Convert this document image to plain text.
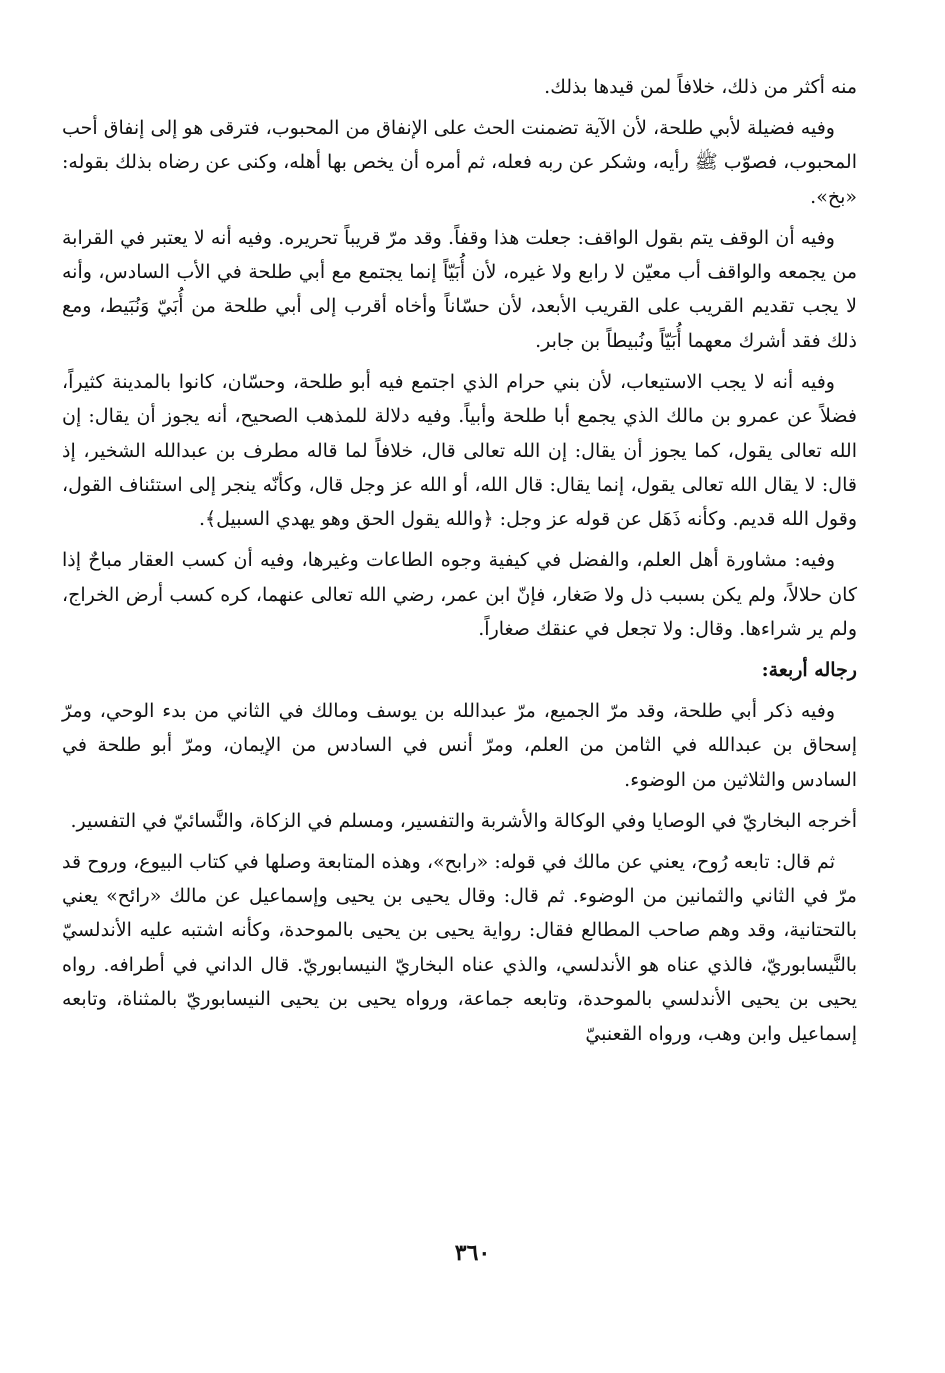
منه أكثر من ذلك، خلافاً لمن قيدها بذلك.

وفيه فضيلة لأبي طلحة، لأن الآية تضمنت الحث على الإنفاق من المحبوب، فترقى هو إلى إنفاق أحب المحبوب، فصوّب ﷺ رأيه، وشكر عن ربه فعله، ثم أمره أن يخص بها أهله، وكنى عن رضاه بذلك بقوله: «بخ».

وفيه أن الوقف يتم بقول الواقف: جعلت هذا وقفاً. وقد مرّ قريباً تحريره. وفيه أنه لا يعتبر في القرابة من يجمعه والواقف أب معيّن لا رابع ولا غيره، لأن أُبَيّاً إنما يجتمع مع أبي طلحة في الأب السادس، وأنه لا يجب تقديم القريب على القريب الأبعد، لأن حسّاناً وأخاه أقرب إلى أبي طلحة من أُبَيّ وَنُبَيط، ومع ذلك فقد أشرك معهما أُبَيّاً ونُبيطاً بن جابر.

وفيه أنه لا يجب الاستيعاب، لأن بني حرام الذي اجتمع فيه أبو طلحة، وحسّان، كانوا بالمدينة كثيراً، فضلاً عن عمرو بن مالك الذي يجمع أبا طلحة وأبياً. وفيه دلالة للمذهب الصحيح، أنه يجوز أن يقال: إن الله تعالى يقول، كما يجوز أن يقال: إن الله تعالى قال، خلافاً لما قاله مطرف بن عبدالله الشخير، إذ قال: لا يقال الله تعالى يقول، إنما يقال: قال الله، أو الله عز وجل قال، وكأنّه ينجر إلى استئناف القول، وقول الله قديم. وكأنه ذَهَل عن قوله عز وجل: ﴿والله يقول الحق وهو يهدي السبيل﴾.

وفيه: مشاورة أهل العلم، والفضل في كيفية وجوه الطاعات وغيرها، وفيه أن كسب العقار مباحٌ إذا كان حلالاً، ولم يكن بسبب ذل ولا صَغار، فإنّ ابن عمر، رضي الله تعالى عنهما، كره كسب أرض الخراج، ولم ير شراءها. وقال: ولا تجعل في عنقك صغاراً.

رجاله أربعة:

وفيه ذكر أبي طلحة، وقد مرّ الجميع، مرّ عبدالله بن يوسف ومالك في الثاني من بدء الوحي، ومرّ إسحاق بن عبدالله في الثامن من العلم، ومرّ أنس في السادس من الإيمان، ومرّ أبو طلحة في السادس والثلاثين من الوضوء.

أخرجه البخاريّ في الوصايا وفي الوكالة والأشربة والتفسير، ومسلم في الزكاة، والنَّسائيّ في التفسير.

ثم قال: تابعه رُوح، يعني عن مالك في قوله: «رابح»، وهذه المتابعة وصلها في كتاب البيوع، وروح قد مرّ في الثاني والثمانين من الوضوء. ثم قال: وقال يحيى بن يحيى وإسماعيل عن مالك «رائح» يعني بالتحتانية، وقد وهم صاحب المطالع فقال: رواية يحيى بن يحيى بالموحدة، وكأنه اشتبه عليه الأندلسيّ بالنَّيسابوريّ، فالذي عناه هو الأندلسي، والذي عناه البخاريّ النيسابوريّ. قال الداني في أطرافه. رواه يحيى بن يحيى الأندلسي بالموحدة، وتابعه جماعة، ورواه يحيى بن يحيى النيسابوريّ بالمثناة، وتابعه إسماعيل وابن وهب، ورواه القعنبيّ

٣٦٠
